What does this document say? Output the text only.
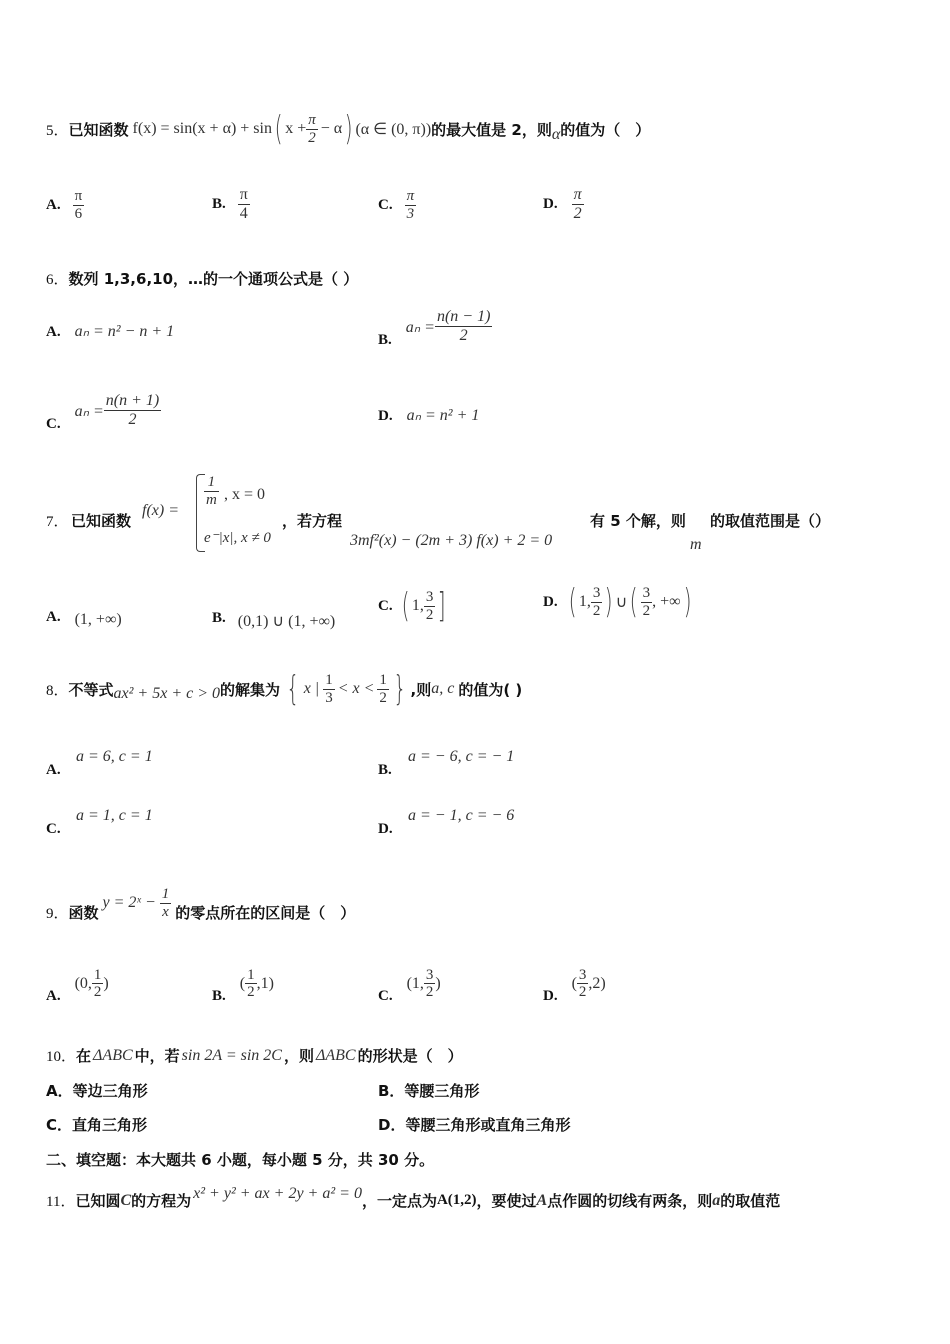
5． 已知函数 f(x) = sin(x + α) + sin ( $x + \frac{\pi}{2} - \alpha$ ) (α ∈ (0, π)) 的最大值是 2，则 α 的值为（　）
A. $\frac{\pi}{6}$	B. $\frac{\pi}{4}$	C. $\frac{\pi}{3}$	D. $\frac{\pi}{2}$
6．数列 1,3,6,10，…的一个通项公式是（ ）
A. aₙ = n² − n + 1
B.
$a_n = \frac{n(n - 1)}{2}$
C.
$a_n = \frac{n(n + 1)}{2}$	D. aₙ = n² + 1
7． 已知函数
f(x) =
$\frac{1}{m}$ , x = 0
e⁻|x|, x ≠ 0
，若方程
3mf²(x) − (2m + 3) f(x) + 2 = 0
有 5 个解，则
m
的取值范围是（）
A. (1, +∞)	B. (0,1) ∪ (1, +∞)
C. ( 1, $\frac{3}{2}$ ]	D. ( 1, $\frac{3}{2}$ ) ∪ ( $\frac{3}{2}$ , +∞ )
8． 不等式 ax² + 5x + c > 0 的解集为 { x | $\frac{1}{3} < x < \frac{1}{2}$ } ,则 a, c 的值为( )
A.
a = 6, c = 1
B.
a = − 6, c = − 1
C.
a = 1, c = 1
D.
a = − 1, c = − 6
9． 函数
y = 2ˣ − $\frac{1}{x}$ 的零点所在的区间是（　）
A.
(0, $\frac{1}{2}$ )
B.
( $\frac{1}{2} ,1$)
C.
(1, $\frac{3}{2}$ )
D.
( $\frac{3}{2} ,2$)
10． 在 ΔABC 中，若 sin 2A = sin 2C ，则 ΔABC 的形状是（　）
A．等边三角形	B．等腰三角形
C．直角三角形	D．等腰三角形或直角三角形
二、填空题：本大题共 6 小题，每小题 5 分，共 30 分。
11． 已知圆 C 的方程为 x² + y² + ax + 2y + a² = 0 ，一定点为 A(1,2) ，要使过 A 点作圆的切线有两条，则 a 的取值范
